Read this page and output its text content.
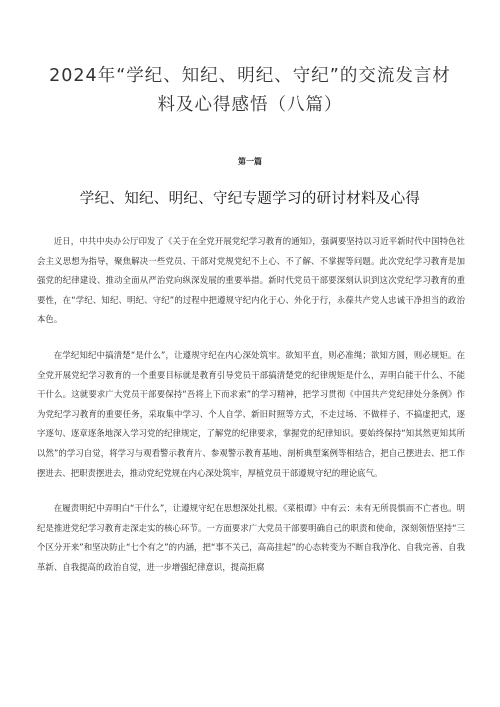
2024年“学纪、知纪、明纪、守纪”的交流发言材
料及心得感悟（八篇）

第一篇

学纪、知纪、明纪、守纪专题学习的研讨材料及心得

近日，中共中央办公厅印发了《关于在全党开展党纪学习教育的通知》，强调要坚持以习近平新时代中国特色社会主义思想为指导，聚焦解决一些党员、干部对党规党纪不上心、不了解、不掌握等问题。此次党纪学习教育是加强党的纪律建设、推动全面从严治党向纵深发展的重要举措。新时代党员干部要深刻认识到这次党纪学习教育的重要性，在“学纪、知纪、明纪、守纪”的过程中把遵规守纪内化于心、外化于行，永葆共产党人忠诚干净担当的政治本色。

在学纪知纪中搞清楚“是什么”，让遵规守纪在内心深处筑牢。欲知平直，则必准绳；欲知方圆，则必规矩。在全党开展党纪学习教育的一个重要目标就是教育引导党员干部搞清楚党的纪律规矩是什么，弄明白能干什么、不能干什么。这就要求广大党员干部要保持“吾将上下而求索”的学习精神，把学习贯彻《中国共产党纪律处分条例》作为党纪学习教育的重要任务，采取集中学习、个人自学、新旧时照等方式，不走过场、不做样子、不搞虚把式，逐字逐句、逐章逐条地深入学习党的纪律规定，了解党的纪律要求，掌握党的纪律知识。要始终保持“知其然更知其所以然”的学习自觉，将学习与观看警示教育片、参观警示教育基地、剖析典型案例等相结合，把自己摆进去、把工作摆进去、把职责摆进去，推动党纪党规在内心深处筑牢，厚植党员干部遵规守纪的理论底气。

在履责明纪中弄明白“干什么”，让遵规守纪在思想深处扎根。《菜根谭》中有云：未有无所畏惧而不亡者也。明纪是推进党纪学习教育走深走实的核心环节。一方面要求广大党员干部要明确自己的职责和使命，深刻领悟坚持“三个区分开来”和坚决防止“七个有之”的内涵，把“事不关己，高高挂起”的心态转变为不断自我净化、自我完善、自我革新、自我提高的政治自觉，进一步增强纪律意识，提高拒腐
